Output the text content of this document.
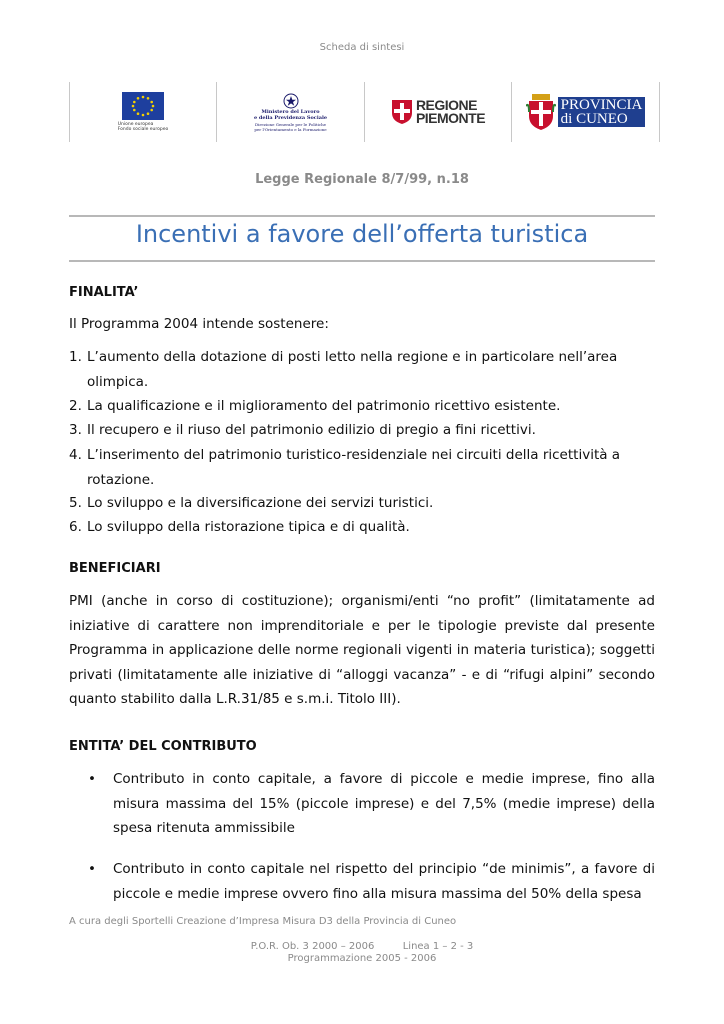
Scheda di sintesi
Unione europea
Fondo sociale europeo
Ministero del Lavoro
e della Previdenza Sociale
Direzione Generale per le Politiche
per l'Orientamento e la Formazione
REGIONE
PIEMONTE
PROVINCIA
di CUNEO
Legge Regionale 8/7/99, n.18
Incentivi a favore dell’offerta turistica
FINALITA’
Il Programma 2004 intende sostenere:
1. L’aumento della dotazione di posti letto nella regione e in particolare nell’area olimpica.
2. La qualificazione e il miglioramento del patrimonio ricettivo esistente.
3. Il recupero e il riuso del patrimonio edilizio di pregio a fini ricettivi.
4. L’inserimento del patrimonio turistico-residenziale nei circuiti della ricettività a rotazione.
5. Lo sviluppo e la diversificazione dei servizi turistici.
6. Lo sviluppo della ristorazione tipica e di qualità.
BENEFICIARI
PMI (anche in corso di costituzione); organismi/enti “no profit” (limitatamente ad iniziative di carattere non imprenditoriale e per le tipologie previste dal presente Programma in applicazione delle norme regionali vigenti in materia turistica); soggetti privati (limitatamente alle iniziative di “alloggi vacanza” - e di “rifugi alpini” secondo quanto stabilito dalla L.R.31/85 e s.m.i. Titolo III).
ENTITA’ DEL CONTRIBUTO
• Contributo in conto capitale, a favore di piccole e medie imprese, fino alla misura massima del 15% (piccole imprese) e del 7,5% (medie imprese) della spesa ritenuta ammissibile
• Contributo in conto capitale nel rispetto del principio “de minimis”, a favore di piccole e medie imprese ovvero fino alla misura massima del 50% della spesa
A cura degli Sportelli Creazione d’Impresa Misura D3 della Provincia di Cuneo
P.O.R. Ob. 3 2000 – 2006	Linea 1 – 2 - 3
Programmazione 2005 - 2006
